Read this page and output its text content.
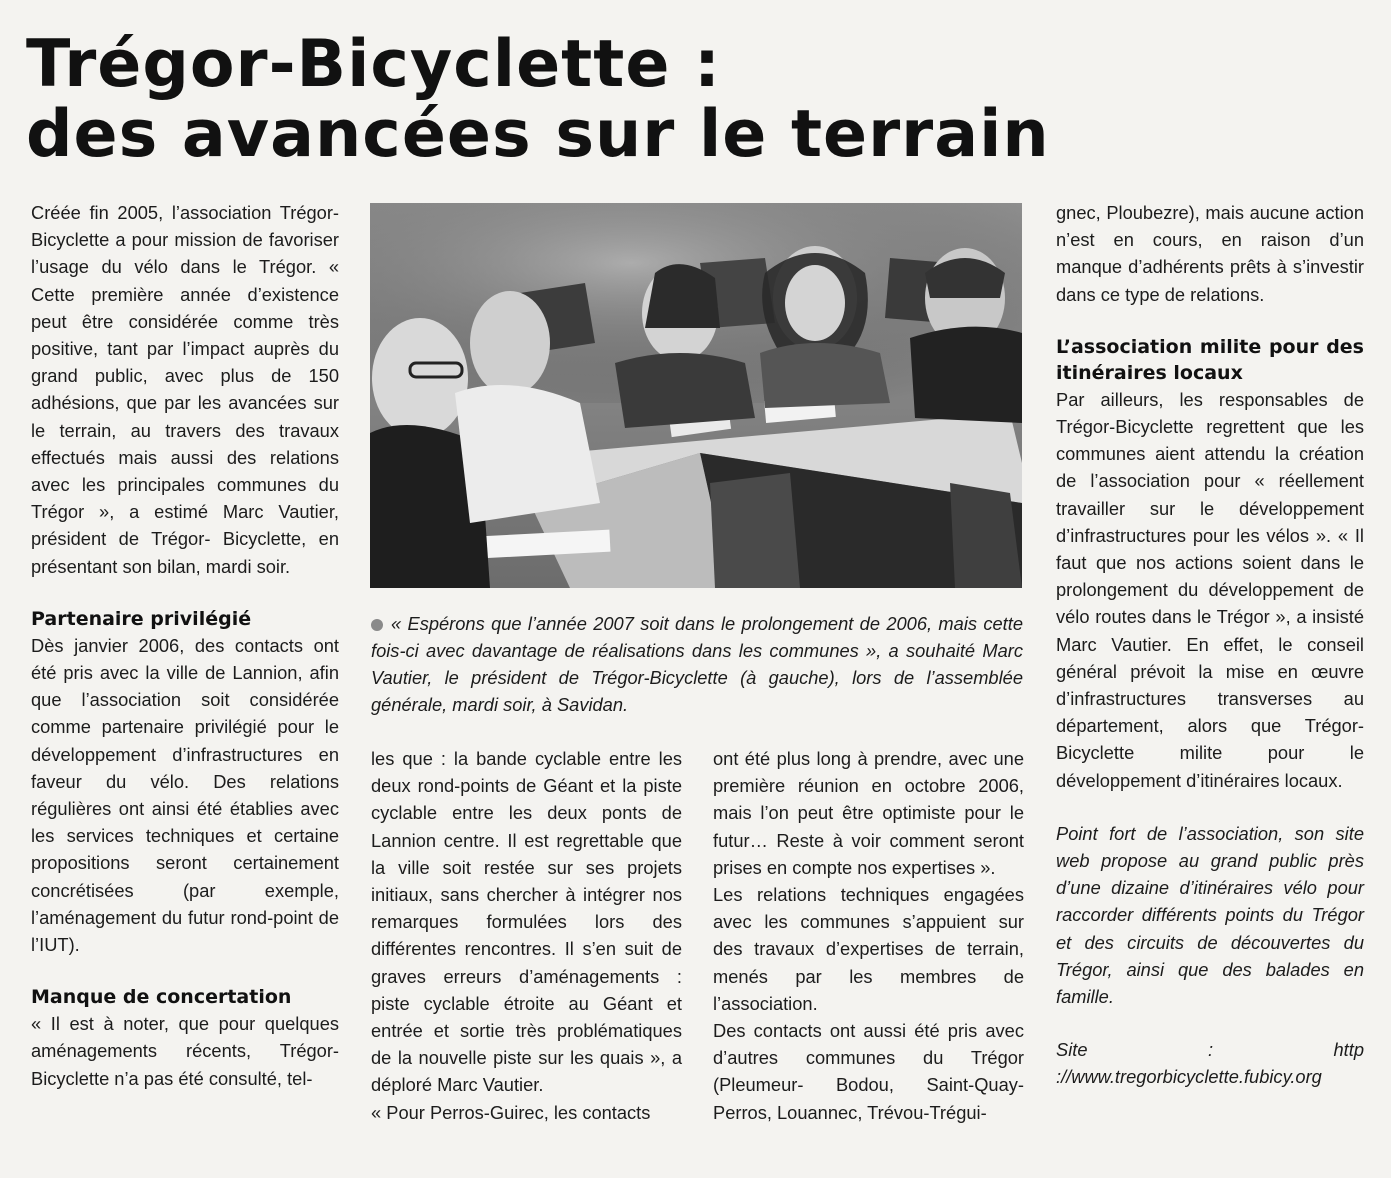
Trégor-Bicyclette :
des avancées sur le terrain

Créée fin 2005, l’association Trégor-Bicyclette a pour mission de favoriser l’usage du vélo dans le Trégor. « Cette première année d’existence peut être considérée comme très positive, tant par l’impact auprès du grand public, avec plus de 150 adhésions, que par les avancées sur le terrain, au travers des travaux effectués mais aussi des relations avec les principales communes du Trégor », a estimé Marc Vautier, président de Trégor- Bicyclette, en présentant son bilan, mardi soir.

Partenaire privilégié

Dès janvier 2006, des contacts ont été pris avec la ville de Lannion, afin que l’association soit considérée comme partenaire privilégié pour le développement d’infrastructures en faveur du vélo. Des relations régulières ont ainsi été établies avec les services techniques et certaine propositions seront certainement concrétisées (par exemple, l’aménagement du futur rond-point de l’IUT).

Manque de concertation

« Il est à noter, que pour quelques aménagements récents, Trégor-Bicyclette n’a pas été consulté, tel-

« Espérons que l’année 2007 soit dans le prolongement de 2006, mais cette fois-ci avec davantage de réalisations dans les communes », a souhaité Marc Vautier, le président de Trégor-Bicyclette (à gauche), lors de l’assemblée générale, mardi soir, à Savidan.

les que : la bande cyclable entre les deux rond-points de Géant et la piste cyclable entre les deux ponts de Lannion centre. Il est regrettable que la ville soit restée sur ses projets initiaux, sans chercher à intégrer nos remarques formulées lors des différentes rencontres. Il s’en suit de graves erreurs d’aménagements : piste cyclable étroite au Géant et entrée et sortie très problématiques de la nouvelle piste sur les quais », a déploré Marc Vautier.

« Pour Perros-Guirec, les contacts

ont été plus long à prendre, avec une première réunion en octobre 2006, mais l’on peut être optimiste pour le futur… Reste à voir comment seront prises en compte nos expertises ».

Les relations techniques engagées avec les communes s’appuient sur des travaux d’expertises de terrain, menés par les membres de l’association.

Des contacts ont aussi été pris avec d’autres communes du Trégor (Pleumeur- Bodou, Saint-Quay-Perros, Louannec, Trévou-Trégui-

gnec, Ploubezre), mais aucune action n’est en cours, en raison d’un manque d’adhérents prêts à s’investir dans ce type de relations.

L’association milite pour des itinéraires locaux

Par ailleurs, les responsables de Trégor-Bicyclette regrettent que les communes aient attendu la création de l’association pour « réellement travailler sur le développement d’infrastructures pour les vélos ». « Il faut que nos actions soient dans le prolongement du développement de vélo routes dans le Trégor », a insisté Marc Vautier. En effet, le conseil général prévoit la mise en œuvre d’infrastructures transverses au département, alors que Trégor-Bicyclette milite pour le développement d’itinéraires locaux.

Point fort de l’association, son site web propose au grand public près d’une dizaine d’itinéraires vélo pour raccorder différents points du Trégor et des circuits de découvertes du Trégor, ainsi que des balades en famille.

Site : http ://www.tregorbicyclette.fubicy.org
